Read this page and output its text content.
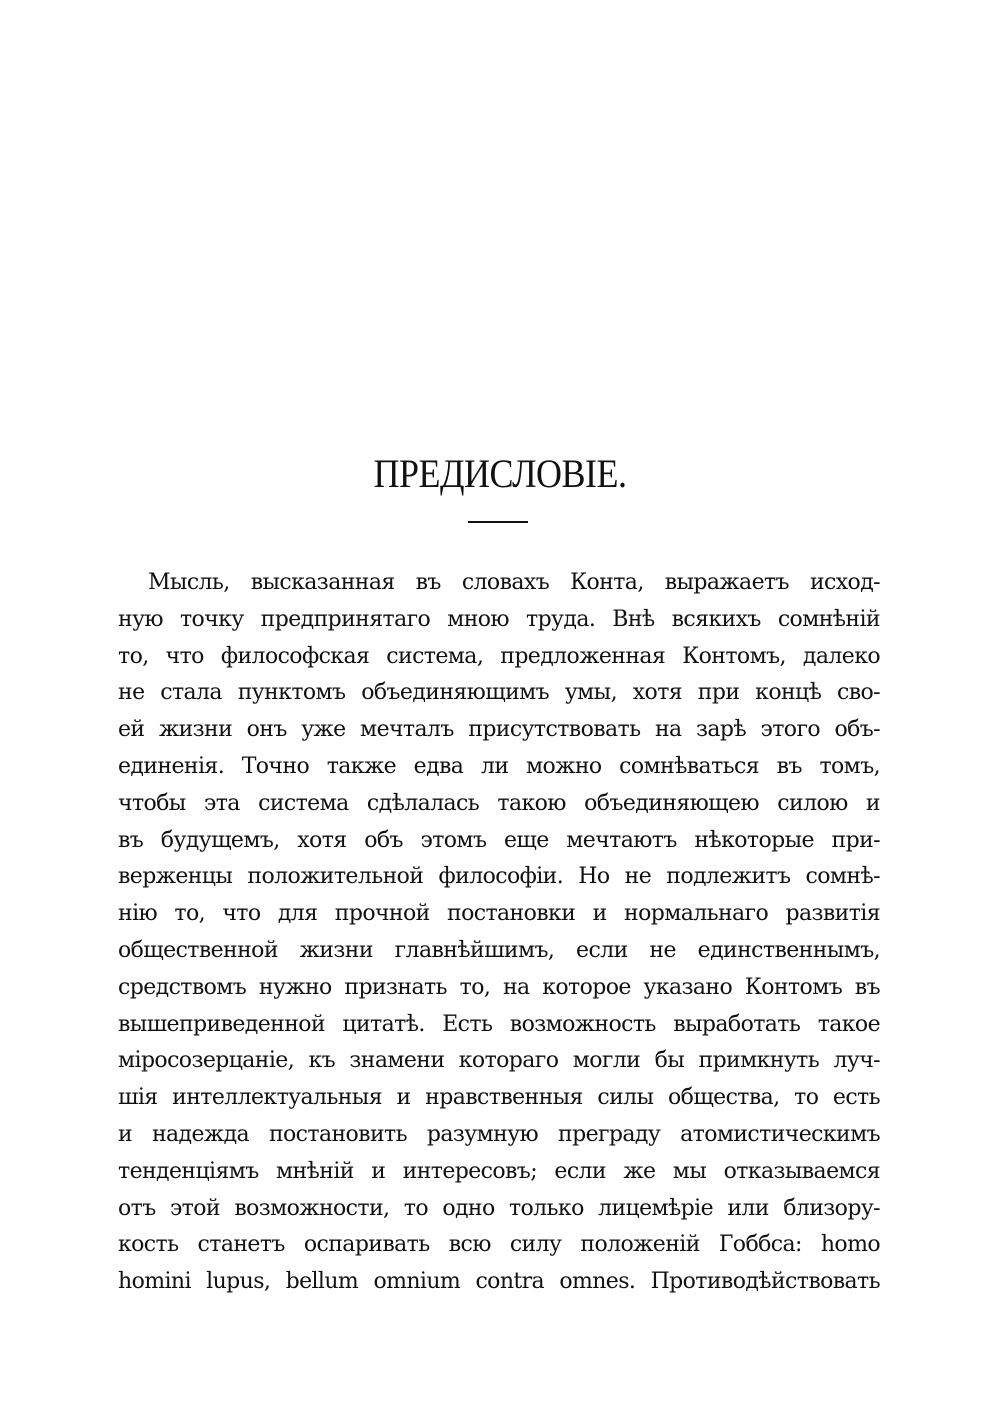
ПРЕДИСЛОВІЕ.
Мысль, высказанная въ словахъ Конта, выражаетъ исход-
ную точку предпринятаго мною труда. Внѣ всякихъ сомнѣній
то, что философская система, предложенная Контомъ, далеко
не стала пунктомъ объединяющимъ умы, хотя при концѣ сво-
ей жизни онъ уже мечталъ присутствовать на зарѣ этого объ-
единенія. Точно также едва ли можно сомнѣваться въ томъ,
чтобы эта система сдѣлалась такою объединяющею силою и
въ будущемъ, хотя объ этомъ еще мечтаютъ нѣкоторые при-
верженцы положительной философіи. Но не подлежитъ сомнѣ-
нію то, что для прочной постановки и нормальнаго развитія
общественной жизни главнѣйшимъ, если не единственнымъ,
средствомъ нужно признать то, на которое указано Контомъ въ
вышеприведенной цитатѣ. Есть возможность выработать такое
міросозерцаніе, къ знамени котораго могли бы примкнуть луч-
шія интеллектуальныя и нравственныя силы общества, то есть
и надежда постановить разумную преграду атомистическимъ
тенденціямъ мнѣній и интересовъ; если же мы отказываемся
отъ этой возможности, то одно только лицемѣріе или близору-
кость станетъ оспаривать всю силу положеній Гоббса: homo
homini lupus, bellum omnium contra omnes. Противодѣйствовать
